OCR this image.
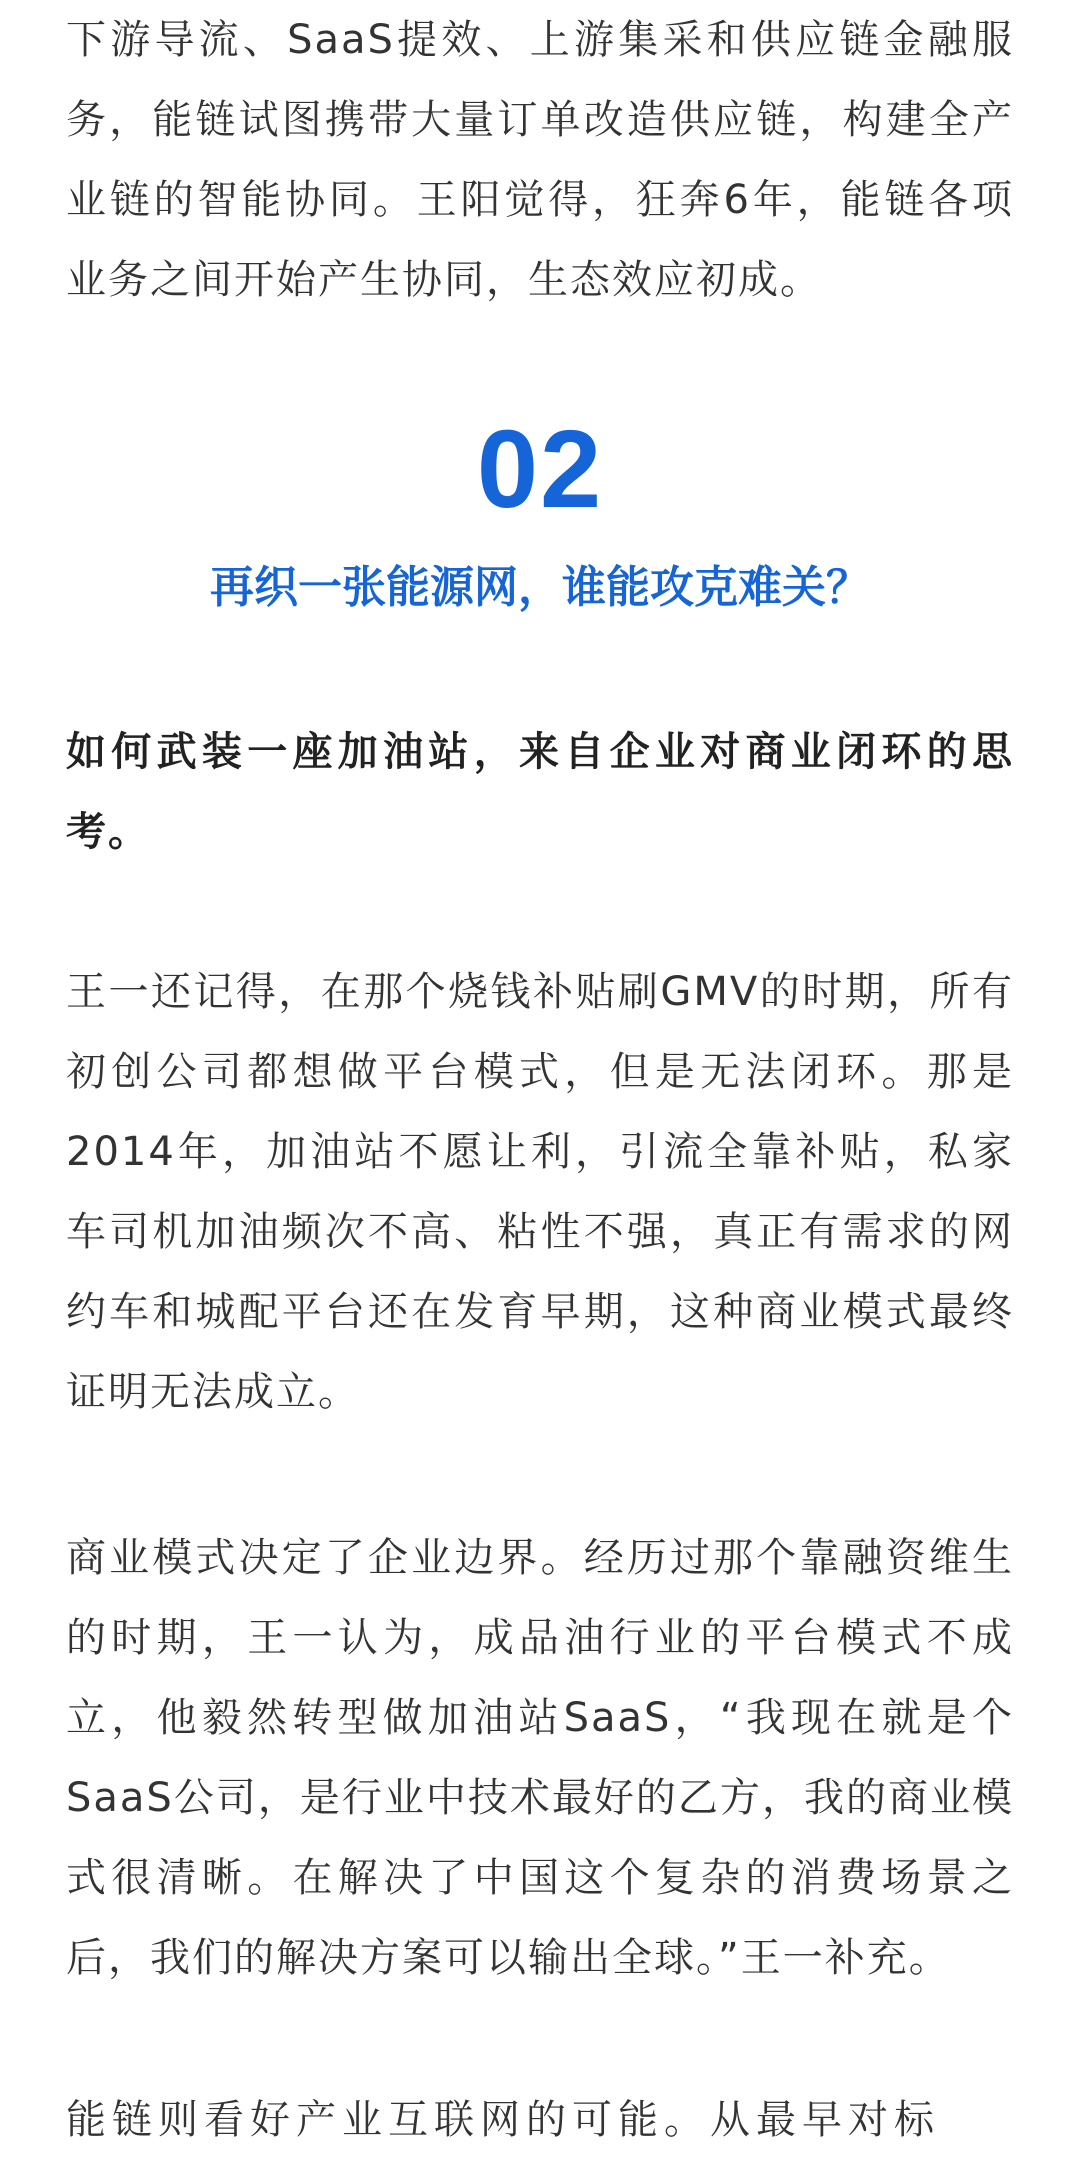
下游导流、SaaS提效、上游集采和供应链金融服务，能链试图携带大量订单改造供应链，构建全产业链的智能协同。王阳觉得，狂奔6年，能链各项业务之间开始产生协同，生态效应初成。

02
再织一张能源网，谁能攻克难关？

如何武装一座加油站，来自企业对商业闭环的思考。

王一还记得，在那个烧钱补贴刷GMV的时期，所有初创公司都想做平台模式，但是无法闭环。那是2014年，加油站不愿让利，引流全靠补贴，私家车司机加油频次不高、粘性不强，真正有需求的网约车和城配平台还在发育早期，这种商业模式最终证明无法成立。

商业模式决定了企业边界。经历过那个靠融资维生的时期，王一认为，成品油行业的平台模式不成立，他毅然转型做加油站SaaS，“我现在就是个SaaS公司，是行业中技术最好的乙方，我的商业模式很清晰。在解决了中国这个复杂的消费场景之后，我们的解决方案可以输出全球。”王一补充。

能链则看好产业互联网的可能。从最早对标
